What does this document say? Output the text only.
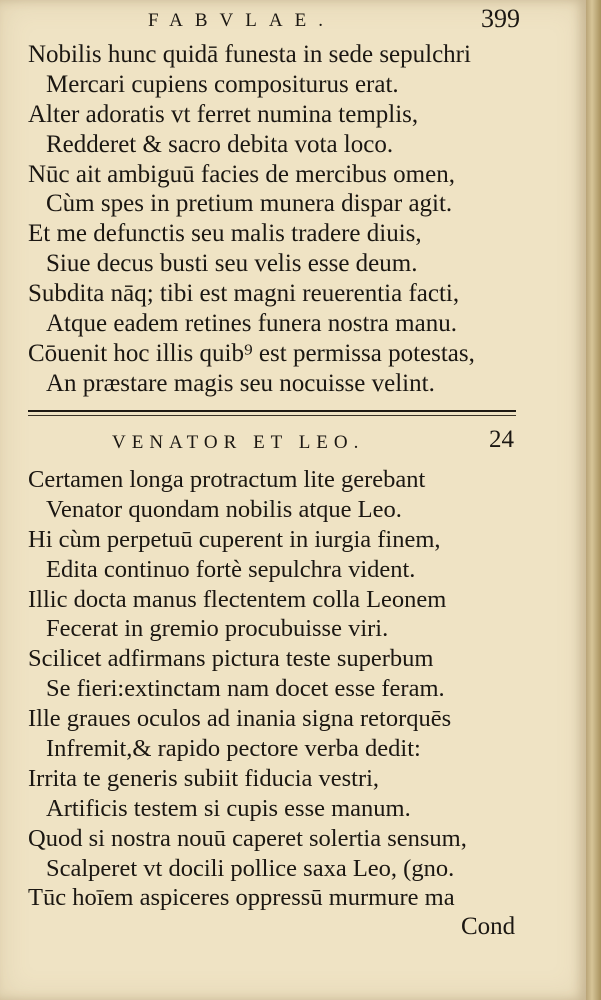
FABVLAE.	399
Nobilis hunc quidā funesta in sede sepulchri
Mercari cupiens compositurus erat.
Alter adoratis vt ferret numina templis,
Redderet & sacro debita vota loco.
Nūc ait ambiguū facies de mercibus omen,
Cùm spes in pretium munera dispar agit.
Et me defunctis seu malis tradere diuis,
Siue decus busti seu velis esse deum.
Subdita nāq; tibi est magni reuerentia facti,
Atque eadem retines funera nostra manu.
Cōuenit hoc illis quib⁹ est permissa potestas,
An præstare magis seu nocuisse velint.
VENATOR ET LEO.	24
Certamen longa protractum lite gerebant
Venator quondam nobilis atque Leo.
Hi cùm perpetuū cuperent in iurgia finem,
Edita continuo fortè sepulchra vident.
Illic docta manus flectentem colla Leonem
Fecerat in gremio procubuisse viri.
Scilicet adfirmans pictura teste superbum
Se fieri:extinctam nam docet esse feram.
Ille graues oculos ad inania signa retorquēs
Infremit,& rapido pectore verba dedit:
Irrita te generis subiit fiducia vestri,
Artificis testem si cupis esse manum.
Quod si nostra nouū caperet solertia sensum,
Scalperet vt docili pollice saxa Leo, (gno.
Tūc hoīem aspiceres oppressū murmure ma
Cond
